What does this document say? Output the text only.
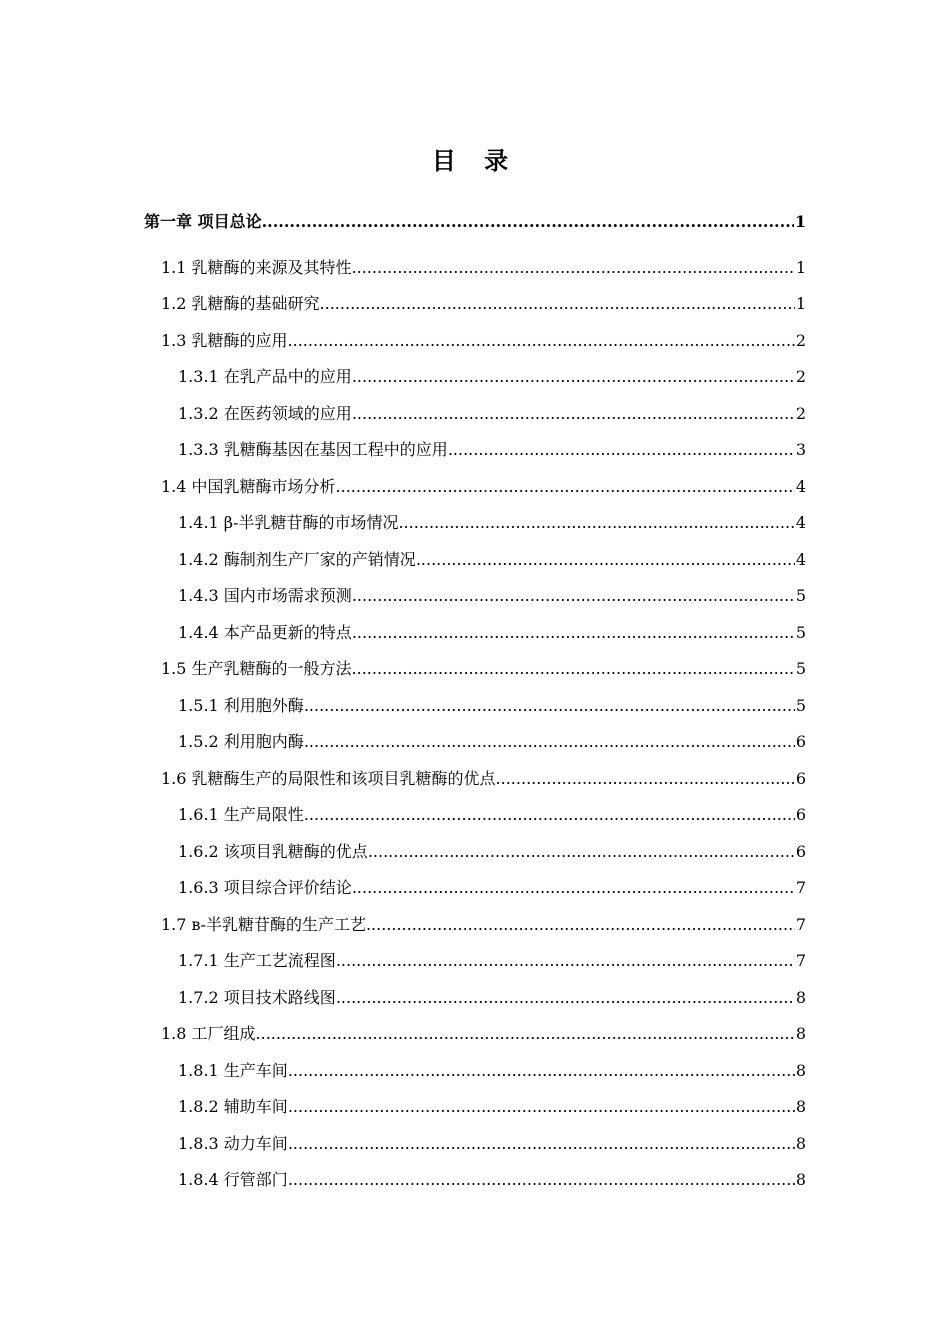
目 录
第一章 项目总论 .....	1
1.1 乳糖酶的来源及其特性 .....	1
1.2 乳糖酶的基础研究 .....	1
1.3 乳糖酶的应用 .....	2
1.3.1 在乳产品中的应用 .....	2
1.3.2 在医药领域的应用 .....	2
1.3.3 乳糖酶基因在基因工程中的应用 .....	3
1.4 中国乳糖酶市场分析 .....	4
1.4.1 β-半乳糖苷酶的市场情况 .....	4
1.4.2 酶制剂生产厂家的产销情况 .....	4
1.4.3 国内市场需求预测 .....	5
1.4.4 本产品更新的特点 .....	5
1.5 生产乳糖酶的一般方法 .....	5
1.5.1 利用胞外酶 .....	5
1.5.2 利用胞内酶 .....	6
1.6 乳糖酶生产的局限性和该项目乳糖酶的优点 .....	6
1.6.1 生产局限性 .....	6
1.6.2 该项目乳糖酶的优点 .....	6
1.6.3 项目综合评价结论 .....	7
1.7 в-半乳糖苷酶的生产工艺 .....	7
1.7.1 生产工艺流程图 .....	7
1.7.2 项目技术路线图 .....	8
1.8 工厂组成 .....	8
1.8.1 生产车间 .....	8
1.8.2 辅助车间 .....	8
1.8.3 动力车间 .....	8
1.8.4 行管部门 .....	8
